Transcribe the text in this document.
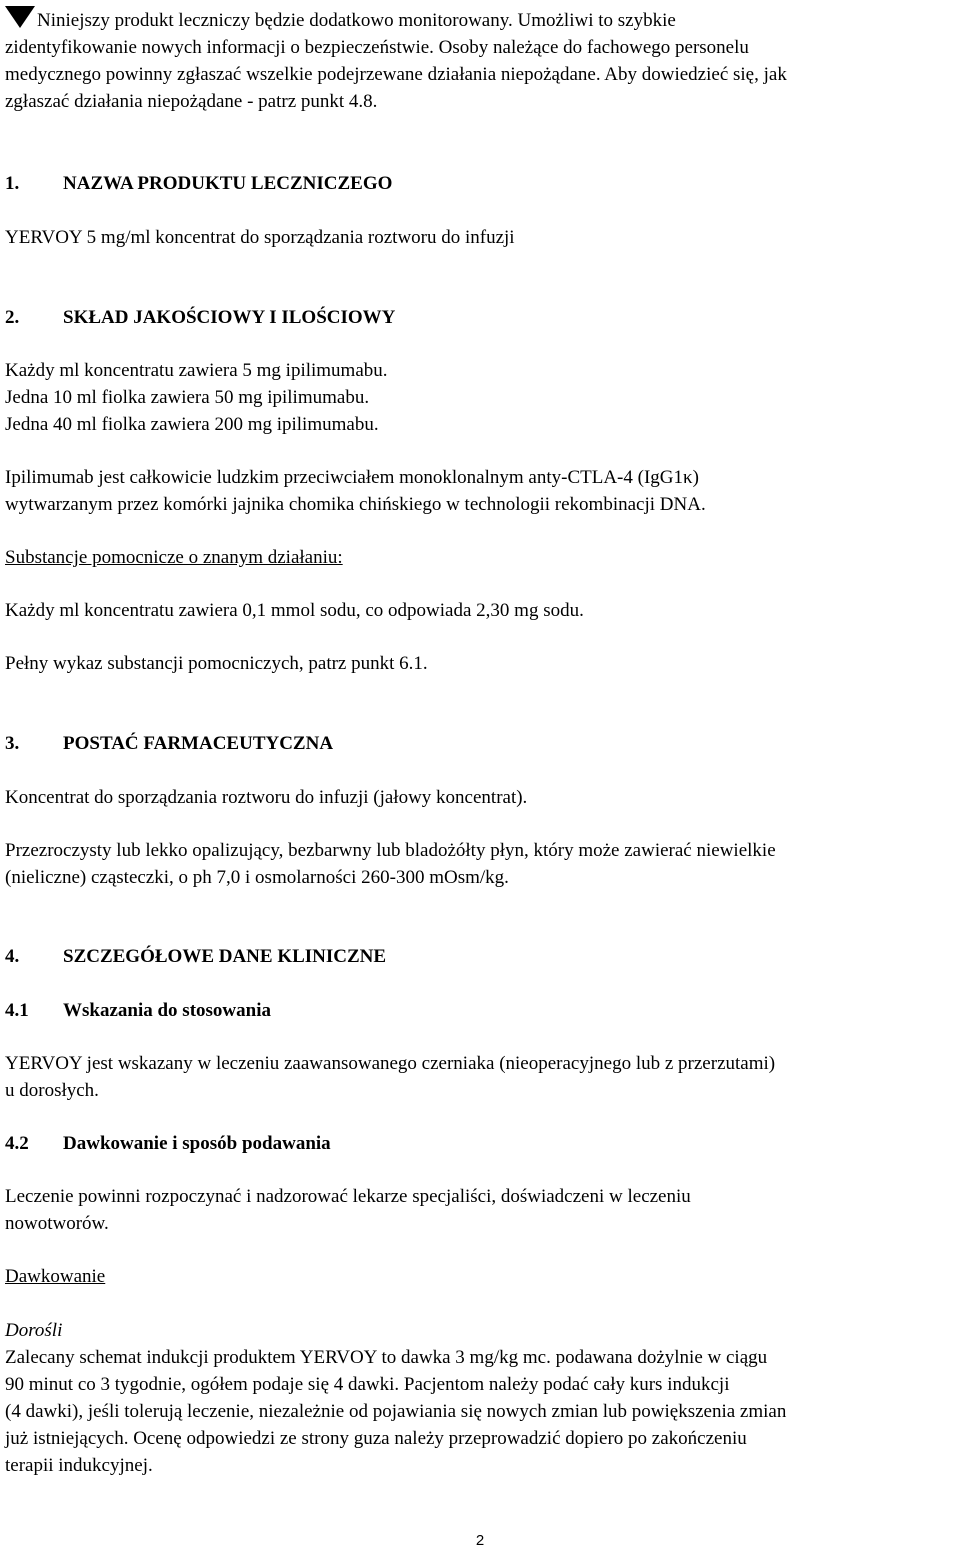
Niniejszy produkt leczniczy będzie dodatkowo monitorowany. Umożliwi to szybkie
zidentyfikowanie nowych informacji o bezpieczeństwie. Osoby należące do fachowego personelu
medycznego powinny zgłaszać wszelkie podejrzewane działania niepożądane. Aby dowiedzieć się, jak
zgłaszać działania niepożądane - patrz punkt 4.8.
1. NAZWA PRODUKTU LECZNICZEGO
YERVOY 5 mg/ml koncentrat do sporządzania roztworu do infuzji
2. SKŁAD JAKOŚCIOWY I ILOŚCIOWY
Każdy ml koncentratu zawiera 5 mg ipilimumabu.
Jedna 10 ml fiolka zawiera 50 mg ipilimumabu.
Jedna 40 ml fiolka zawiera 200 mg ipilimumabu.
Ipilimumab jest całkowicie ludzkim przeciwciałem monoklonalnym anty-CTLA-4 (IgG1κ)
wytwarzanym przez komórki jajnika chomika chińskiego w technologii rekombinacji DNA.
Substancje pomocnicze o znanym działaniu:
Każdy ml koncentratu zawiera 0,1 mmol sodu, co odpowiada 2,30 mg sodu.
Pełny wykaz substancji pomocniczych, patrz punkt 6.1.
3. POSTAĆ FARMACEUTYCZNA
Koncentrat do sporządzania roztworu do infuzji (jałowy koncentrat).
Przezroczysty lub lekko opalizujący, bezbarwny lub bladożółty płyn, który może zawierać niewielkie
(nieliczne) cząsteczki, o ph 7,0 i osmolarności 260-300 mOsm/kg.
4. SZCZEGÓŁOWE DANE KLINICZNE
4.1 Wskazania do stosowania
YERVOY jest wskazany w leczeniu zaawansowanego czerniaka (nieoperacyjnego lub z przerzutami)
u dorosłych.
4.2 Dawkowanie i sposób podawania
Leczenie powinni rozpoczynać i nadzorować lekarze specjaliści, doświadczeni w leczeniu
nowotworów.
Dawkowanie
Dorośli
Zalecany schemat indukcji produktem YERVOY to dawka 3 mg/kg mc. podawana dożylnie w ciągu
90 minut co 3 tygodnie, ogółem podaje się 4 dawki. Pacjentom należy podać cały kurs indukcji
(4 dawki), jeśli tolerują leczenie, niezależnie od pojawiania się nowych zmian lub powiększenia zmian
już istniejących. Ocenę odpowiedzi ze strony guza należy przeprowadzić dopiero po zakończeniu
terapii indukcyjnej.
2
